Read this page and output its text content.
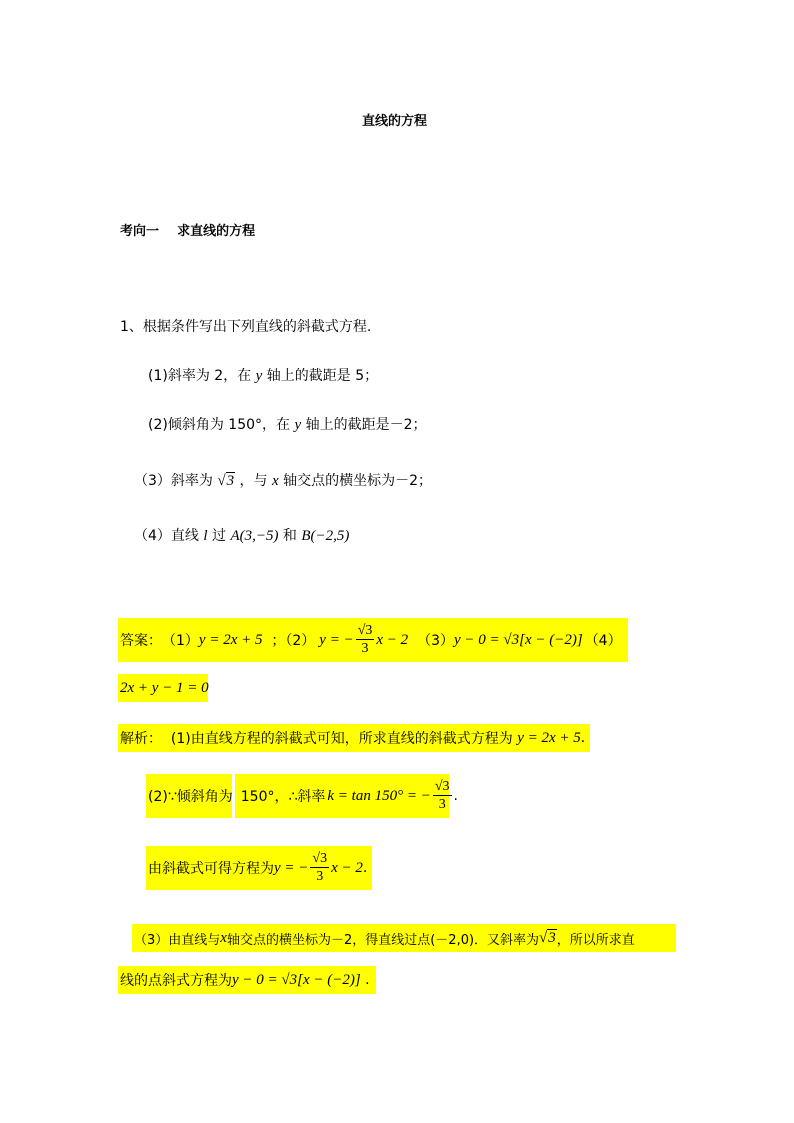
直线的方程
考向一    求直线的方程
1、根据条件写出下列直线的斜截式方程.
(1)斜率为 2，在 y 轴上的截距是 5；
(2)倾斜角为 150°，在 y 轴上的截距是－2；
（3）斜率为 √3 ，与 x 轴交点的横坐标为－2；
（4）直线 l 过 A(3,−5) 和 B(−2,5)
答案： （1） y = 2x + 5 ；（2） y = − $\frac{√3}{3}$ x − 2 （3） y − 0 = √3[x − (−2)] （4）
2x + y − 1 = 0
解析： (1)由直线方程的斜截式可知，所求直线的斜截式方程为 y = 2x + 5 .
(2)∵倾斜角为 150°，∴斜率 k = tan 150° = − $\frac{√3}{3}$ .
由斜截式可得方程为 y = − $\frac{√3}{3}$ x − 2 .
（3）由直线与 x 轴交点的横坐标为－2，得直线过点(－2,0)．又斜率为 √3 ，所以所求直
线的点斜式方程为 y − 0 = √3[x − (−2)] .
